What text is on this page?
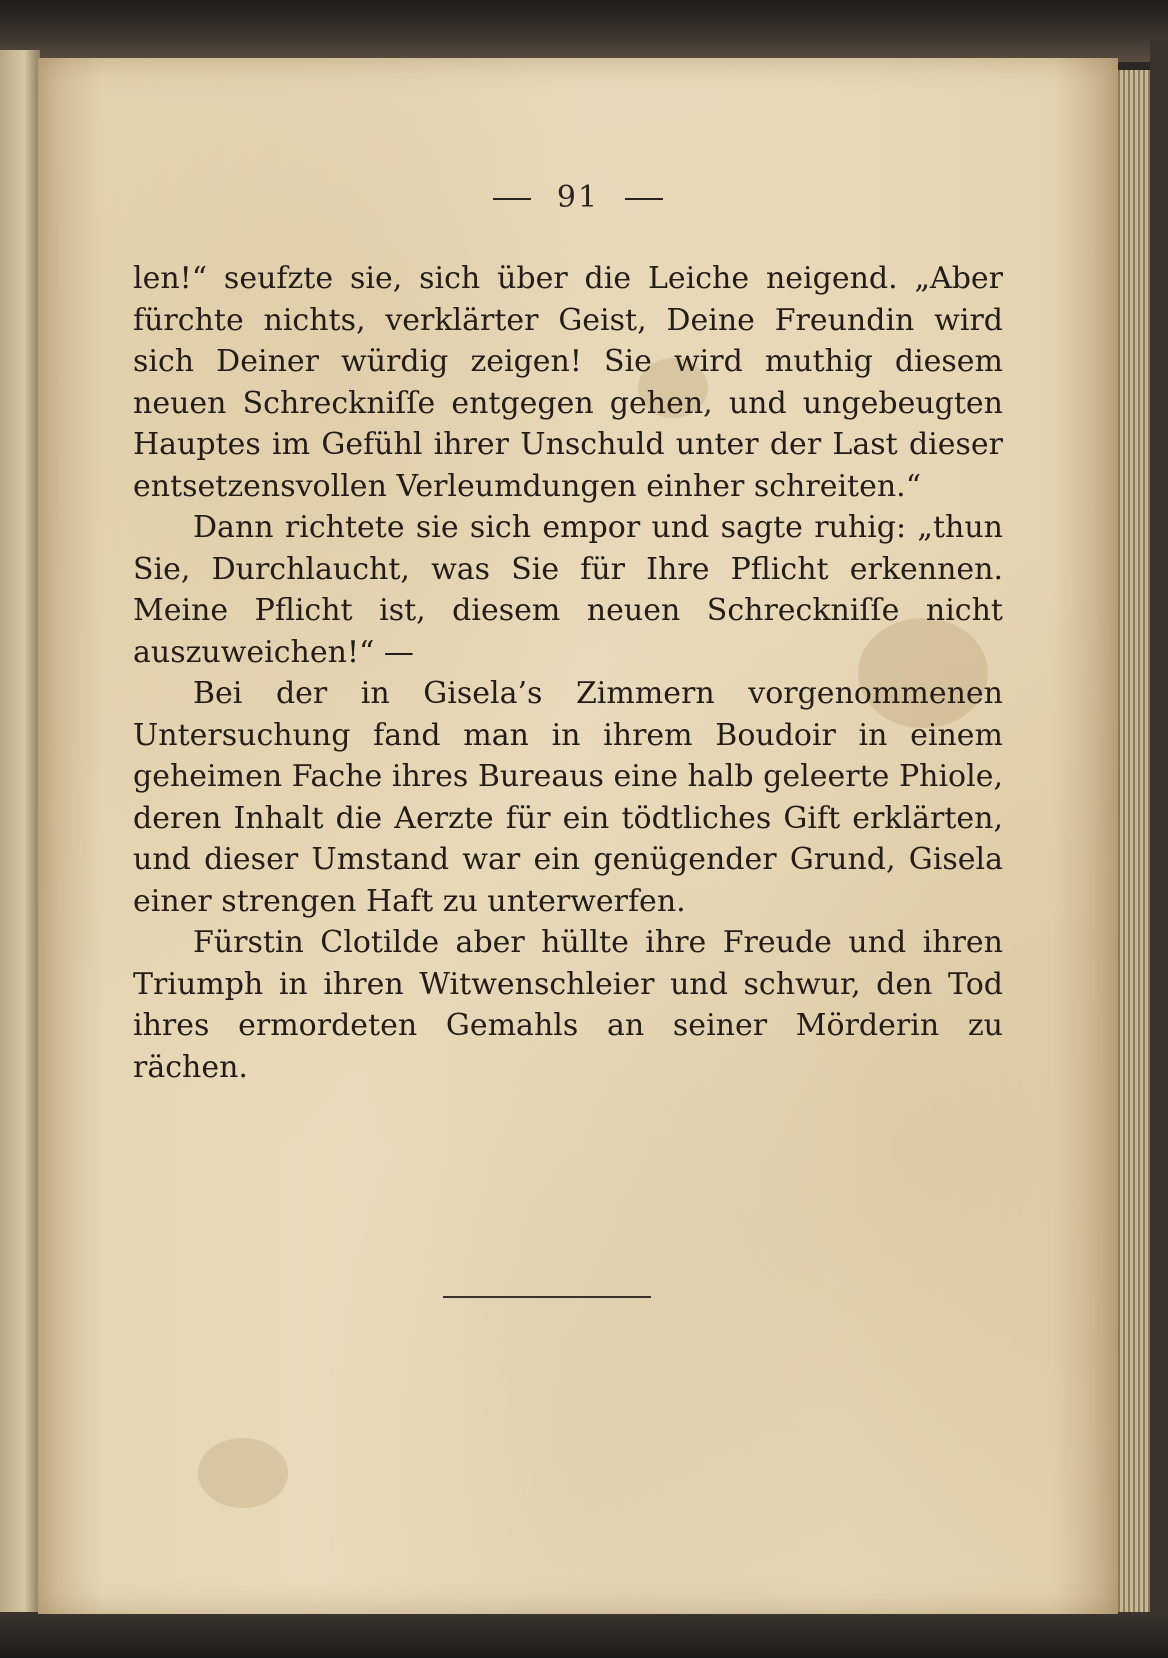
91

len!“ seufzte sie, sich über die Leiche neigend. „Aber fürchte nichts, verklärter Geist, Deine Freundin wird sich Deiner würdig zeigen! Sie wird muthig diesem neuen Schreckniſſe entgegen gehen, und ungebeugten Hauptes im Gefühl ihrer Unschuld unter der Last dieser entsetzensvollen Verleumdungen einher schreiten.“

Dann richtete sie sich empor und sagte ruhig: „thun Sie, Durchlaucht, was Sie für Ihre Pflicht erkennen. Meine Pflicht ist, diesem neuen Schreckniſſe nicht auszuweichen!“ —

Bei der in Gisela’s Zimmern vorgenommenen Untersuchung fand man in ihrem Boudoir in einem geheimen Fache ihres Bureaus eine halb geleerte Phiole, deren Inhalt die Aerzte für ein tödtliches Gift erklärten, und dieser Umstand war ein genügender Grund, Gisela einer strengen Haft zu unterwerfen.

Fürstin Clotilde aber hüllte ihre Freude und ihren Triumph in ihren Witwenschleier und schwur, den Tod ihres ermordeten Gemahls an seiner Mörderin zu rächen.
